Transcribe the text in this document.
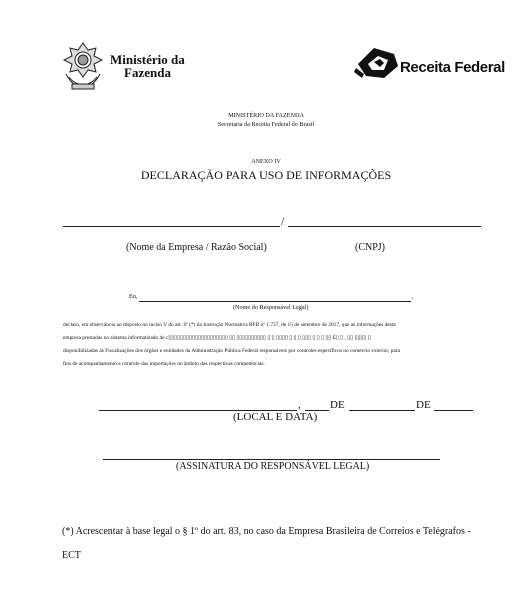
Ministério da
Fazenda	Receita Federal
MINISTÉRIO DA FAZENDA
Secretaria da Receita Federal do Brasil
ANEXO IV
DECLARAÇÃO PARA USO DE INFORMAÇÕES
/
(Nome da Empresa / Razão Social)	(CNPJ)
Eu,	,
(Nome do Responsável Legal)
declaro, em observância ao disposto no inciso V do art. 6º (*) da Instrução Normativa RFB nº 1.737, de 15 de setembro de 2017, que as informações desta
empresa prestadas no sistema informatizado de c▯▯▯▯▯▯▯▯▯▯▯▯▯▯▯▯▯▯▯▯ ▯▯ ▯▯▯▯▯▯▯▯▯▯ ▯ ▯ ▯▯▯▯ ▯ ▯ ▯ ▯▯▯ ▯ ▯ ▯ ▯▯ É▯ ▯ , ▯▯ ▯▯▯▯ ▯
disponibilizadas às Fiscalizações dos órgãos e entidades da Administração Pública Federal responsáveis por controles específicos no comércio exterior, para
fins de acompanhamento e controle das importações no âmbito das respectivas competências.
,	DE	DE
(LOCAL E DATA)
(ASSINATURA DO RESPONSÁVEL LEGAL)
(*) Acrescentar à base legal o § 1º do art. 83, no caso da Empresa Brasileira de Correios e Telégrafos -
ECT
